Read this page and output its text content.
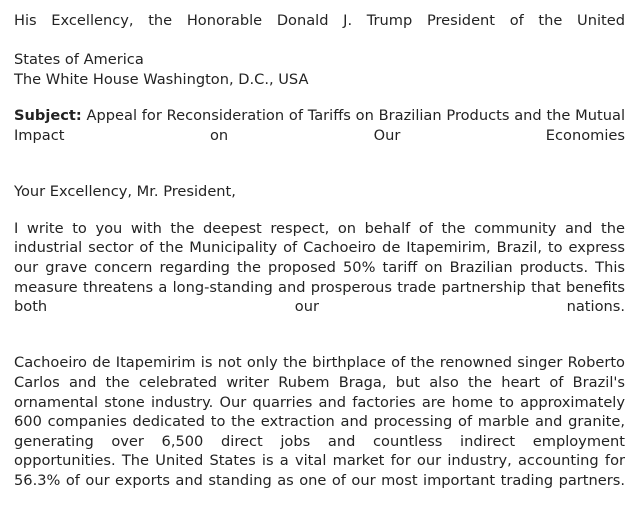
His Excellency, the Honorable Donald J. Trump President of the United
States of America
The White House Washington, D.C., USA
Subject: Appeal for Reconsideration of Tariffs on Brazilian Products and the Mutual Impact on Our Economies
Your Excellency, Mr. President,
I write to you with the deepest respect, on behalf of the community and the industrial sector of the Municipality of Cachoeiro de Itapemirim, Brazil, to express our grave concern regarding the proposed 50% tariff on Brazilian products. This measure threatens a long-standing and prosperous trade partnership that benefits both our nations.
Cachoeiro de Itapemirim is not only the birthplace of the renowned singer Roberto Carlos and the celebrated writer Rubem Braga, but also the heart of Brazil's ornamental stone industry. Our quarries and factories are home to approximately 600 companies dedicated to the extraction and processing of marble and granite, generating over 6,500 direct jobs and countless indirect employment opportunities. The United States is a vital market for our industry, accounting for 56.3% of our exports and standing as one of our most important trading partners.
